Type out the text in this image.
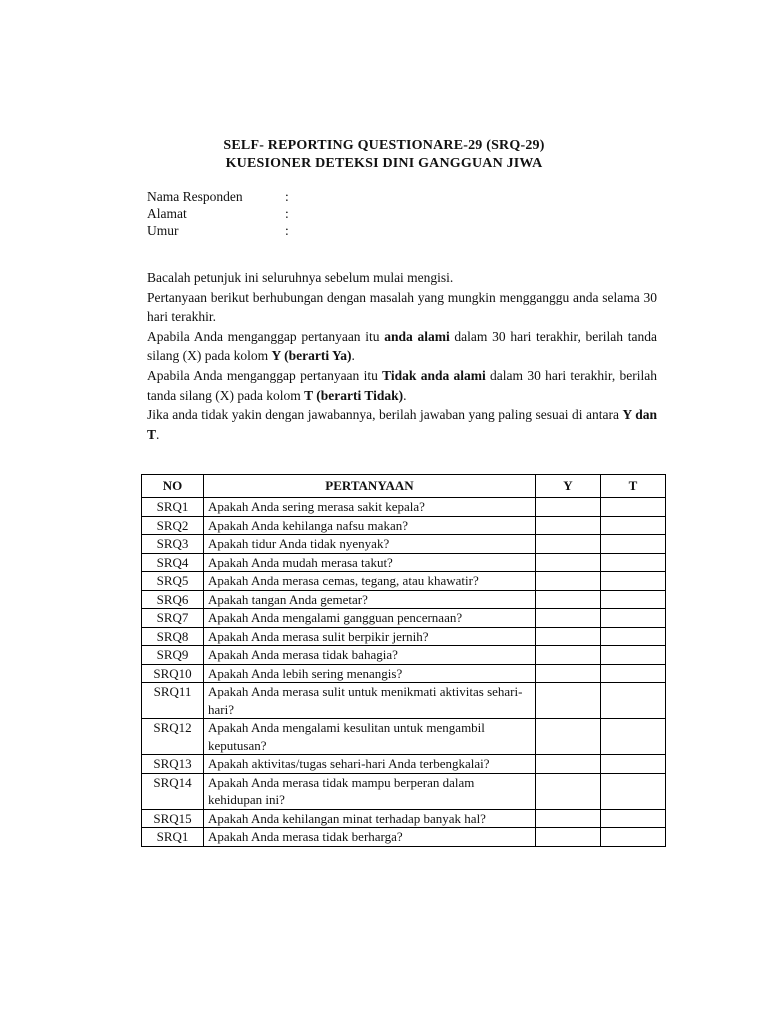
SELF- REPORTING QUESTIONARE-29 (SRQ-29)
KUESIONER DETEKSI DINI GANGGUAN JIWA
Nama Responden	:
Alamat	:
Umur	:

Bacalah petunjuk ini seluruhnya sebelum mulai mengisi.

Pertanyaan berikut berhubungan dengan masalah yang mungkin mengganggu anda selama 30 hari terakhir.

Apabila Anda menganggap pertanyaan itu anda alami dalam 30 hari terakhir, berilah tanda silang (X) pada kolom Y (berarti Ya).

Apabila Anda menganggap pertanyaan itu Tidak anda alami dalam 30 hari terakhir, berilah tanda silang (X) pada kolom T (berarti Tidak).

Jika anda tidak yakin dengan jawabannya, berilah jawaban yang paling sesuai di antara Y dan T.

NO	PERTANYAAN	Y	T
SRQ1	Apakah Anda sering merasa sakit kepala?		
SRQ2	Apakah Anda kehilanga nafsu makan?		
SRQ3	Apakah tidur Anda tidak nyenyak?		
SRQ4	Apakah Anda mudah merasa takut?		
SRQ5	Apakah Anda merasa cemas, tegang, atau khawatir?		
SRQ6	Apakah tangan Anda gemetar?		
SRQ7	Apakah Anda mengalami gangguan pencernaan?		
SRQ8	Apakah Anda merasa sulit berpikir jernih?		
SRQ9	Apakah Anda merasa tidak bahagia?		
SRQ10	Apakah Anda lebih sering menangis?		
SRQ11	Apakah Anda merasa sulit untuk menikmati aktivitas sehari-hari?		
SRQ12	Apakah Anda mengalami kesulitan untuk mengambil keputusan?		
SRQ13	Apakah aktivitas/tugas sehari-hari Anda terbengkalai?		
SRQ14	Apakah Anda merasa tidak mampu berperan dalam kehidupan ini?		
SRQ15	Apakah Anda kehilangan minat terhadap banyak hal?		
SRQ1	Apakah Anda merasa tidak berharga?		
